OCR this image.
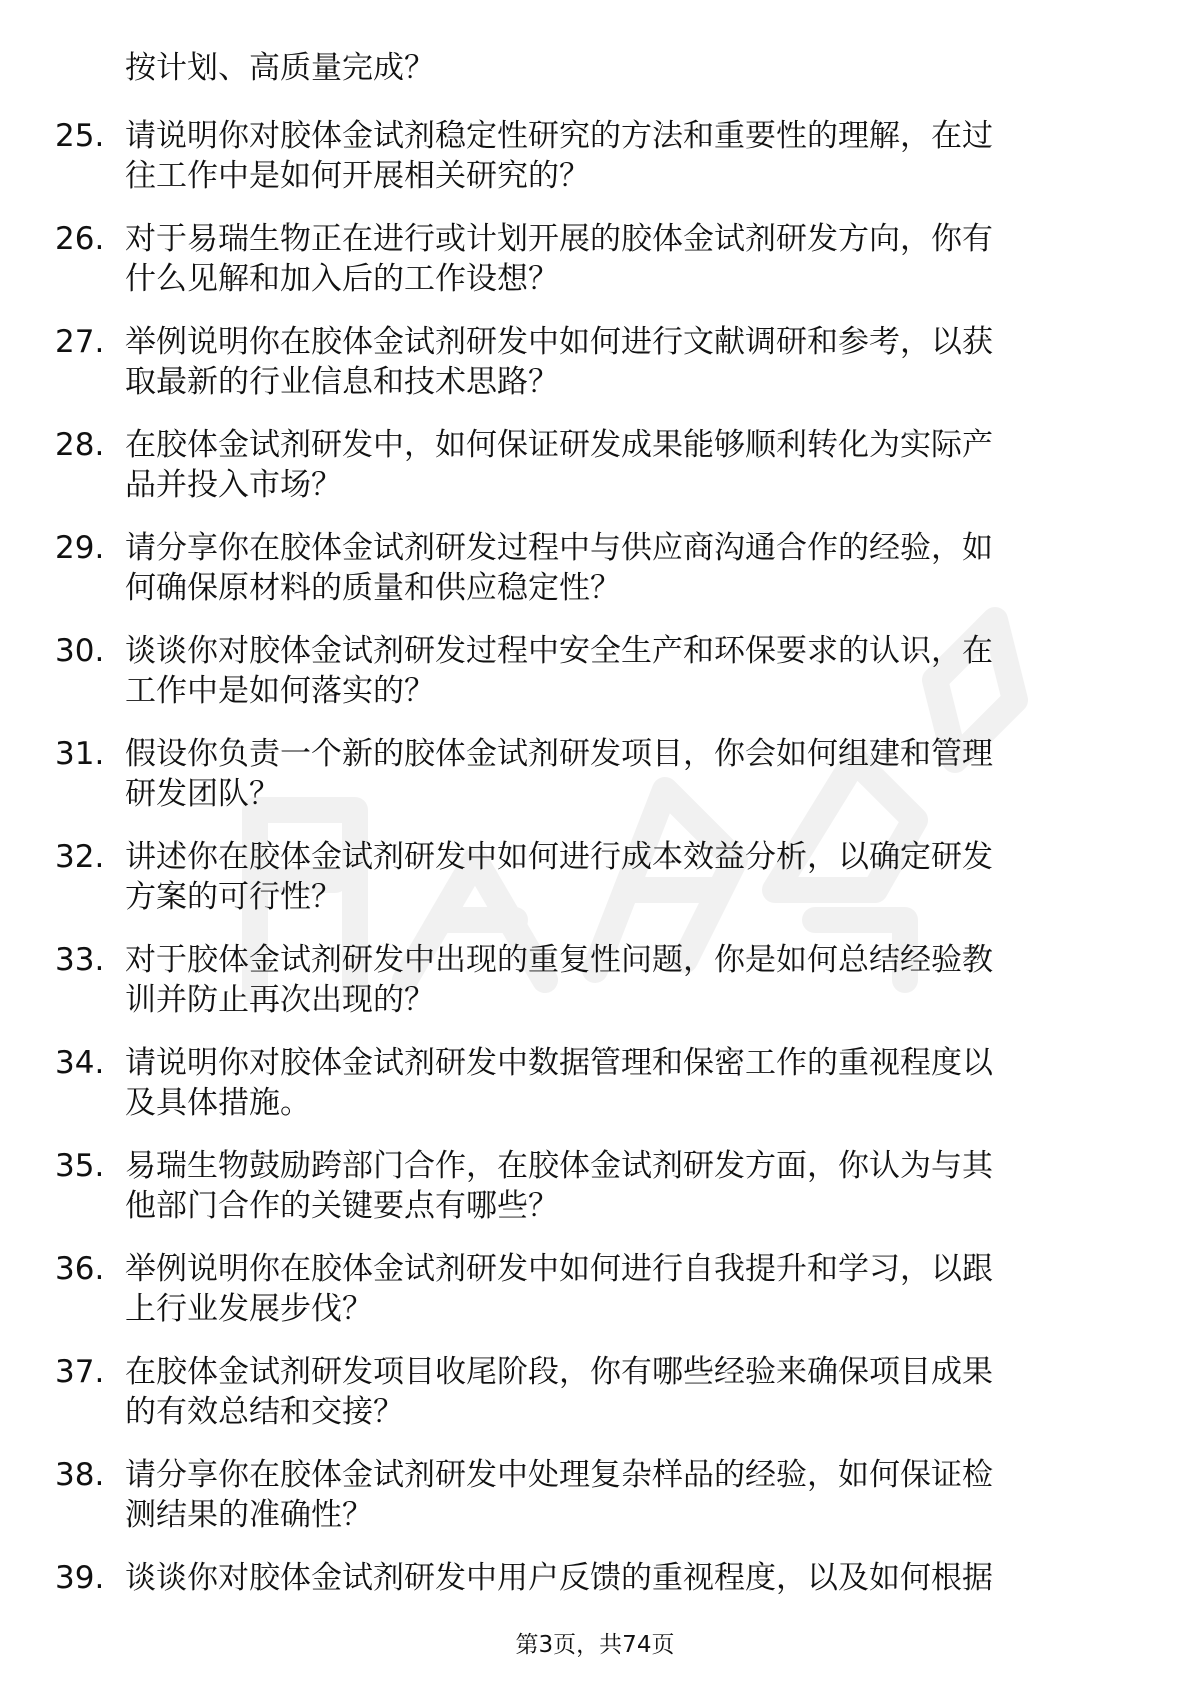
按计划、高质量完成？
25. 请说明你对胶体金试剂稳定性研究的方法和重要性的理解，在过
往工作中是如何开展相关研究的？
26. 对于易瑞生物正在进行或计划开展的胶体金试剂研发方向，你有
什么见解和加入后的工作设想？
27. 举例说明你在胶体金试剂研发中如何进行文献调研和参考，以获
取最新的行业信息和技术思路？
28. 在胶体金试剂研发中，如何保证研发成果能够顺利转化为实际产
品并投入市场？
29. 请分享你在胶体金试剂研发过程中与供应商沟通合作的经验，如
何确保原材料的质量和供应稳定性？
30. 谈谈你对胶体金试剂研发过程中安全生产和环保要求的认识，在
工作中是如何落实的？
31. 假设你负责一个新的胶体金试剂研发项目，你会如何组建和管理
研发团队？
32. 讲述你在胶体金试剂研发中如何进行成本效益分析，以确定研发
方案的可行性？
33. 对于胶体金试剂研发中出现的重复性问题，你是如何总结经验教
训并防止再次出现的？
34. 请说明你对胶体金试剂研发中数据管理和保密工作的重视程度以
及具体措施。
35. 易瑞生物鼓励跨部门合作，在胶体金试剂研发方面，你认为与其
他部门合作的关键要点有哪些？
36. 举例说明你在胶体金试剂研发中如何进行自我提升和学习，以跟
上行业发展步伐？
37. 在胶体金试剂研发项目收尾阶段，你有哪些经验来确保项目成果
的有效总结和交接？
38. 请分享你在胶体金试剂研发中处理复杂样品的经验，如何保证检
测结果的准确性？
39. 谈谈你对胶体金试剂研发中用户反馈的重视程度，以及如何根据
第3页，共74页
